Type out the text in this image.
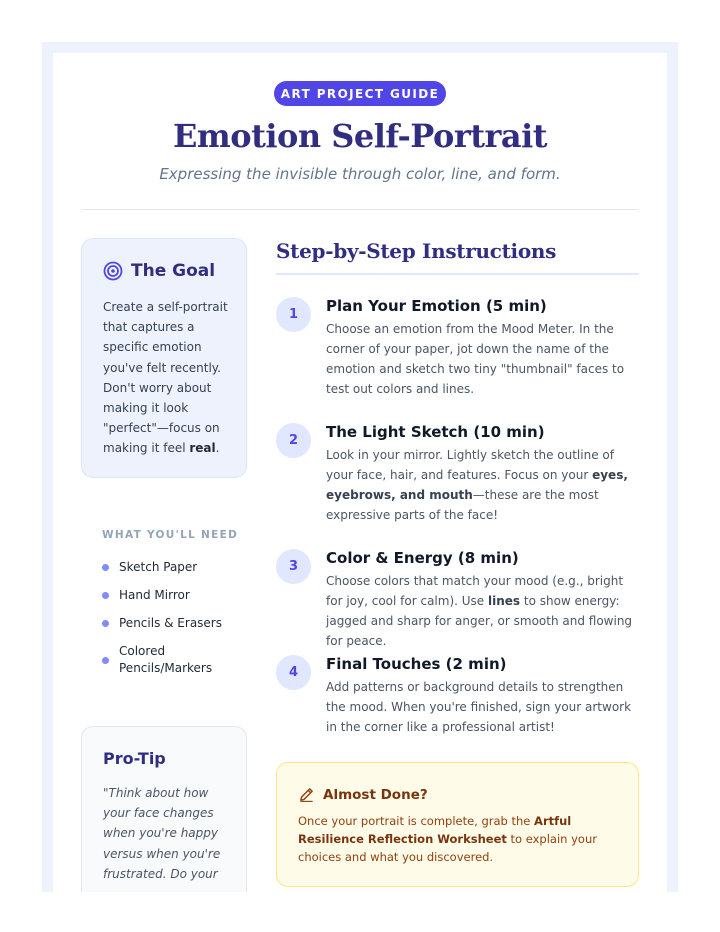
ART PROJECT GUIDE
Emotion Self-Portrait

Expressing the invisible through color, line, and form.

The Goal

Create a self-portrait that captures a specific emotion you've felt recently. Don't worry about making it look "perfect"—focus on making it feel real.

WHAT YOU'LL NEED
Sketch Paper
Hand Mirror
Pencils & Erasers
Colored Pencils/Markers
Pro-Tip

"Think about how your face changes when you're happy versus when you're frustrated. Do your

Step-by-Step Instructions
1	Plan Your Emotion (5 min)

Choose an emotion from the Mood Meter. In the corner of your paper, jot down the name of the emotion and sketch two tiny "thumbnail" faces to test out colors and lines.

2	The Light Sketch (10 min)

Look in your mirror. Lightly sketch the outline of your face, hair, and features. Focus on your eyes, eyebrows, and mouth—these are the most expressive parts of the face!

3	Color & Energy (8 min)

Choose colors that match your mood (e.g., bright for joy, cool for calm). Use lines to show energy: jagged and sharp for anger, or smooth and flowing for peace.

4	Final Touches (2 min)

Add patterns or background details to strengthen the mood. When you're finished, sign your artwork in the corner like a professional artist!

Almost Done?

Once your portrait is complete, grab the Artful Resilience Reflection Worksheet to explain your choices and what you discovered.
